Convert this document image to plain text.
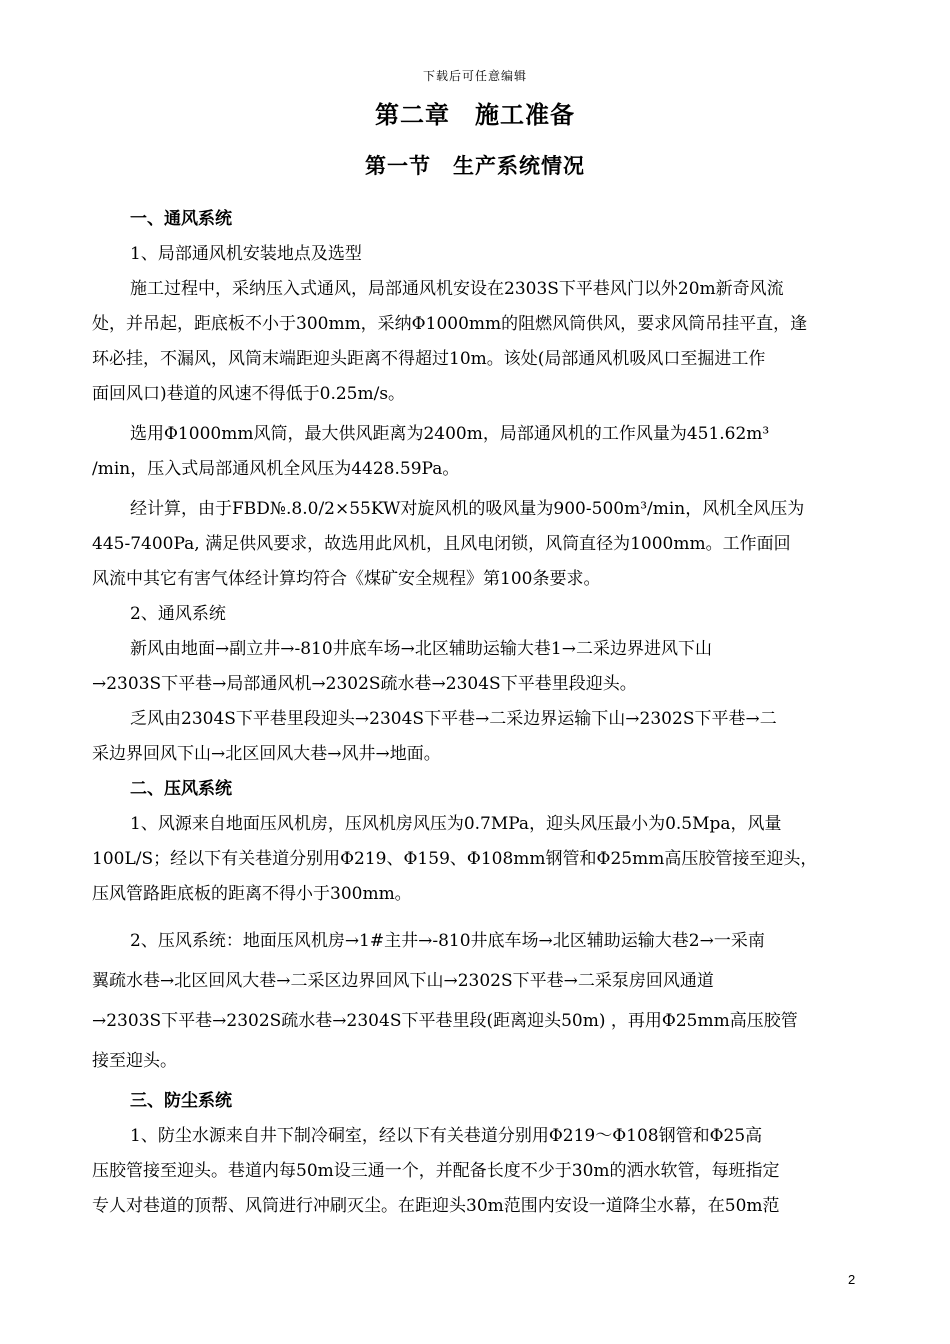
下载后可任意编辑
第二章　施工准备
第一节　生产系统情况

一、通风系统

1、局部通风机安装地点及选型

施工过程中，采纳压入式通风，局部通风机安设在2303S下平巷风门以外20m新奇风流

处，并吊起，距底板不小于300mm，采纳Φ1000mm的阻燃风筒供风，要求风筒吊挂平直，逢

环必挂，不漏风，风筒末端距迎头距离不得超过10m。该处(局部通风机吸风口至掘进工作

面回风口)巷道的风速不得低于0.25m/s。

选用Φ1000mm风筒，最大供风距离为2400m，局部通风机的工作风量为451.62m³

/min，压入式局部通风机全风压为4428.59Pa。

经计算，由于FBD№.8.0/2×55KW对旋风机的吸风量为900-500m³/min，风机全风压为

445-7400Pa, 满足供风要求，故选用此风机，且风电闭锁，风筒直径为1000mm。工作面回

风流中其它有害气体经计算均符合《煤矿安全规程》第100条要求。

2、通风系统

新风由地面→副立井→-810井底车场→北区辅助运输大巷1→二采边界进风下山

→2303S下平巷→局部通风机→2302S疏水巷→2304S下平巷里段迎头。

乏风由2304S下平巷里段迎头→2304S下平巷→二采边界运输下山→2302S下平巷→二

采边界回风下山→北区回风大巷→风井→地面。

二、压风系统

1、风源来自地面压风机房，压风机房风压为0.7MPa，迎头风压最小为0.5Mpa，风量

100L/S；经以下有关巷道分别用Φ219、Φ159、Φ108mm钢管和Φ25mm高压胶管接至迎头，

压风管路距底板的距离不得小于300mm。

2、压风系统：地面压风机房→1#主井→-810井底车场→北区辅助运输大巷2→一采南

翼疏水巷→北区回风大巷→二采区边界回风下山→2302S下平巷→二采泵房回风通道

→2303S下平巷→2302S疏水巷→2304S下平巷里段(距离迎头50m) ，再用Φ25mm高压胶管

接至迎头。

三、防尘系统

1、防尘水源来自井下制冷硐室，经以下有关巷道分别用Φ219～Φ108钢管和Φ25高

压胶管接至迎头。巷道内每50m设三通一个，并配备长度不少于30m的洒水软管，每班指定

专人对巷道的顶帮、风筒进行冲刷灭尘。在距迎头30m范围内安设一道降尘水幕，在50m范

2
